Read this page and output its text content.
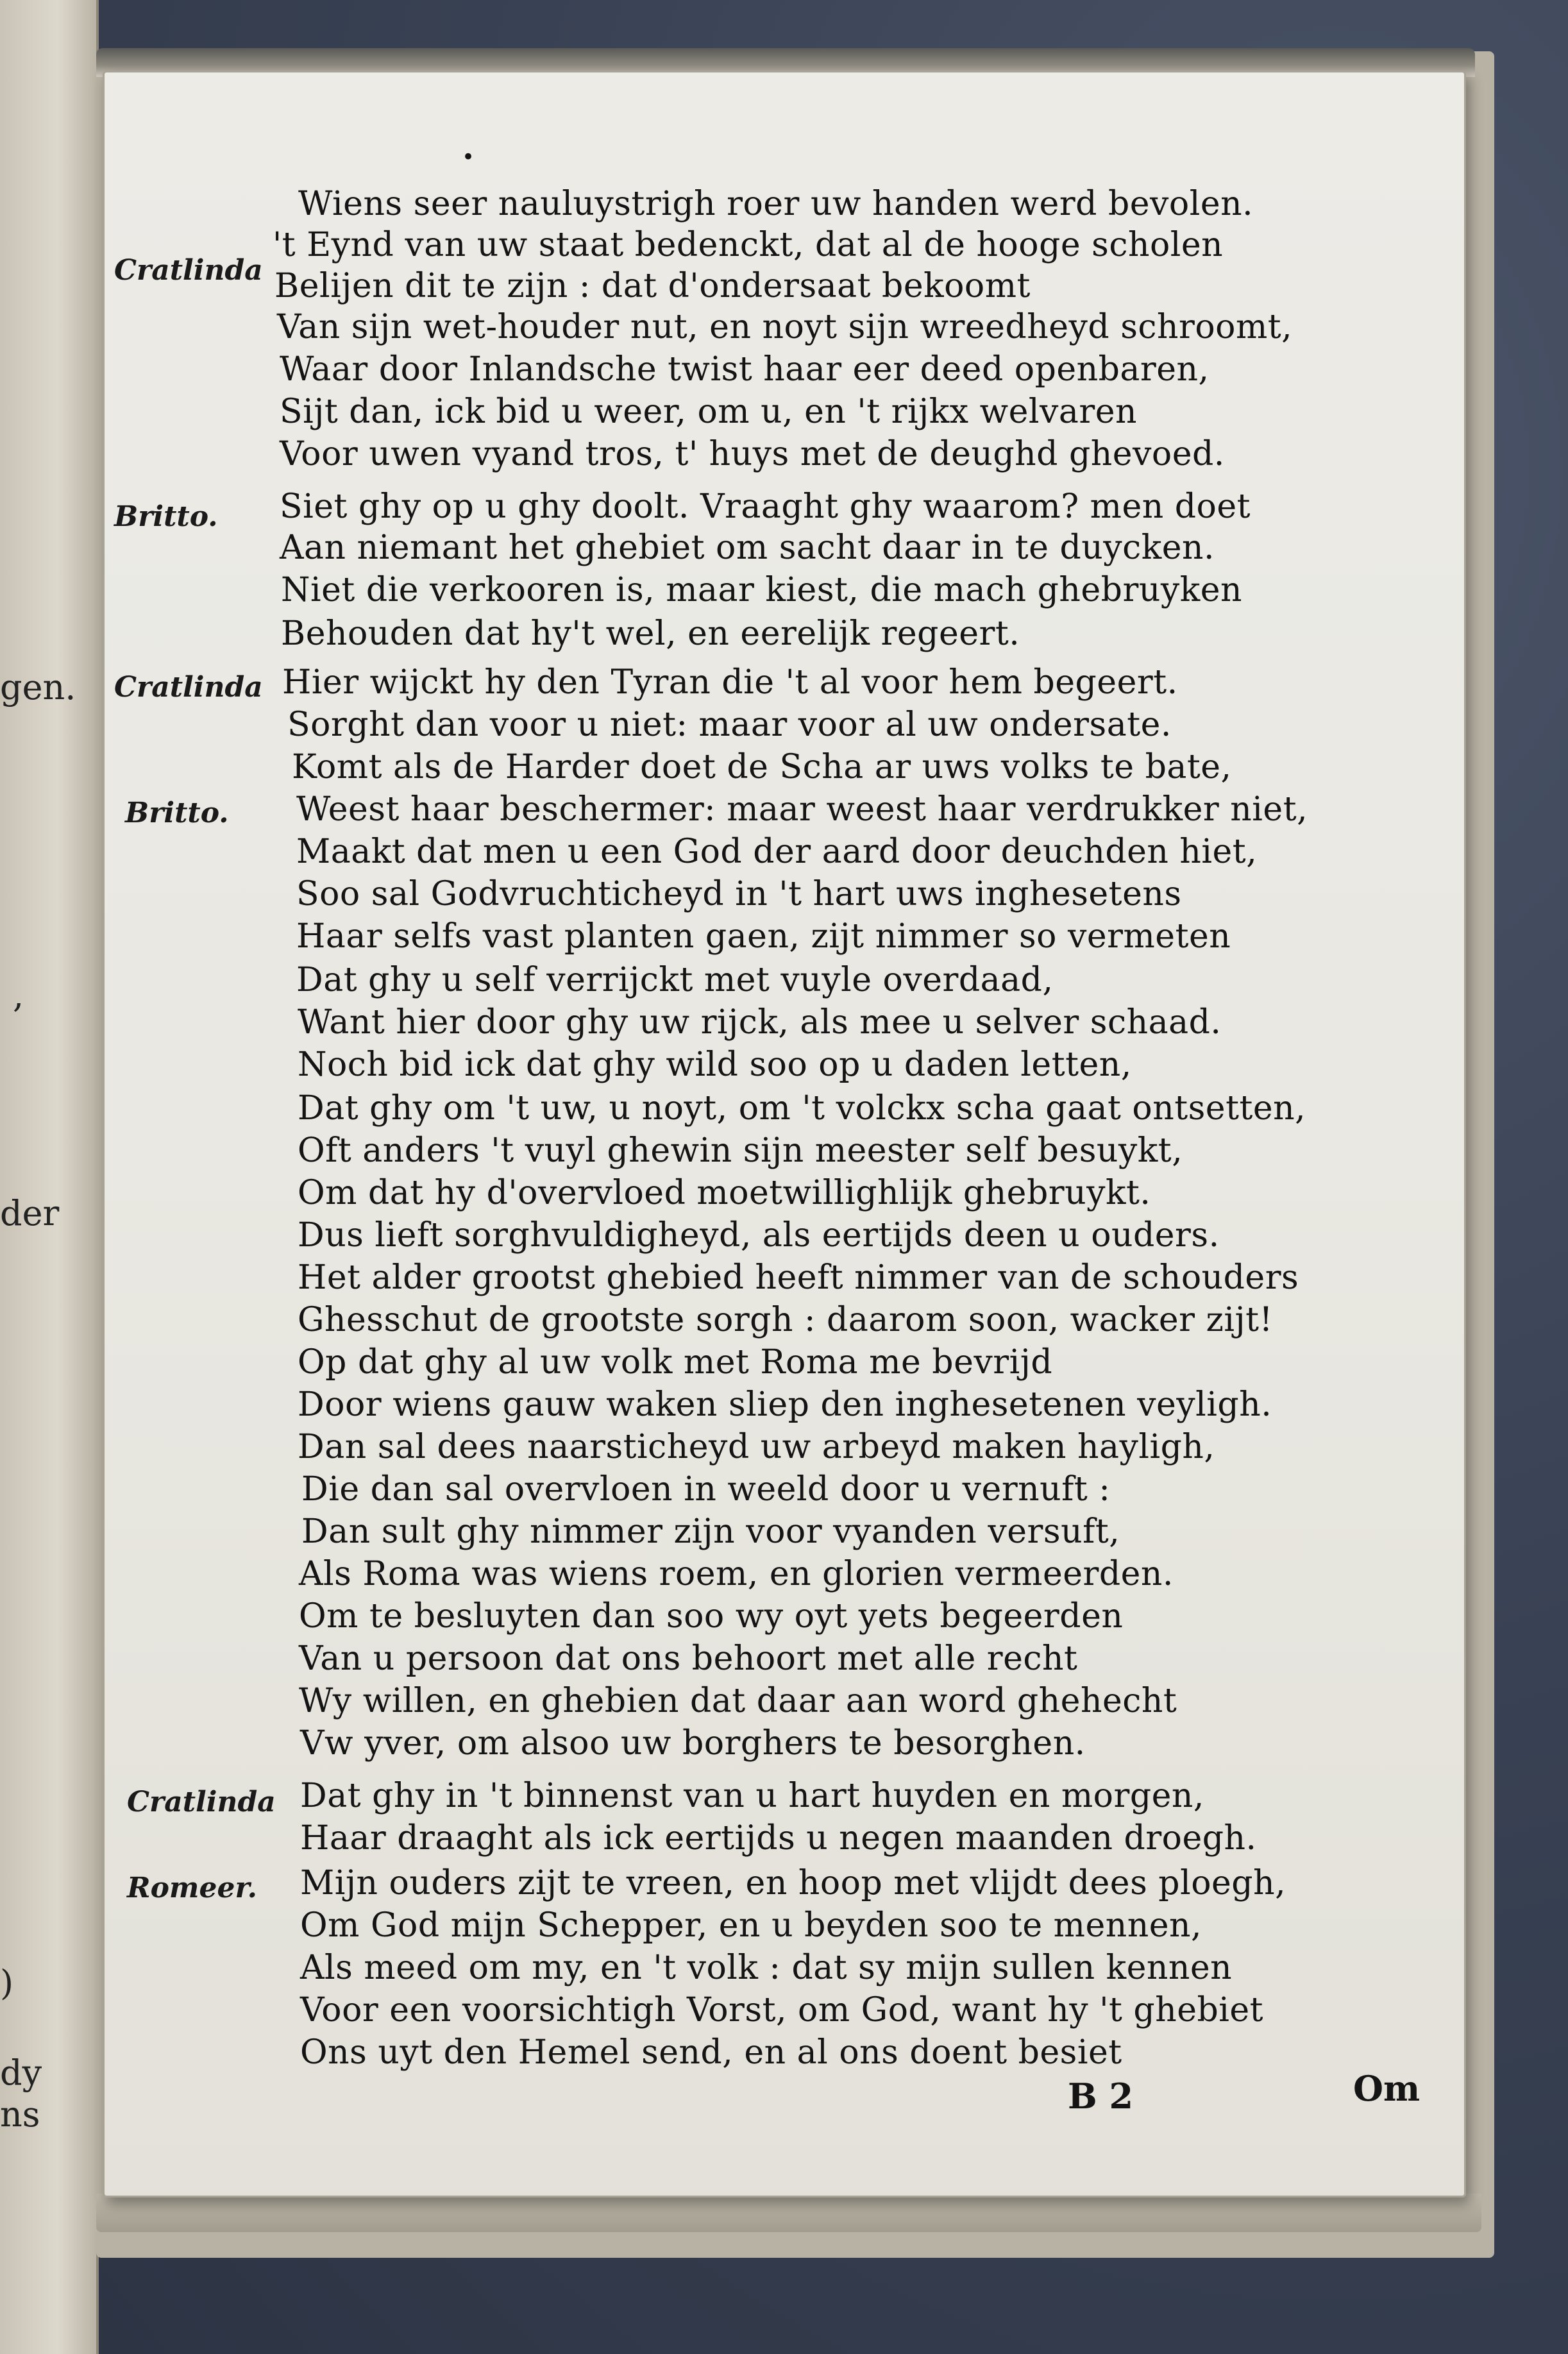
gen.
,
der
)
dy
ns
•
Cratlinda
Britto.
Cratlinda
Britto.
Cratlinda
Romeer.
Wiens seer nauluystrigh roer uw handen werd bevolen.
't Eynd van uw staat bedenckt, dat al de hooge scholen
Belijen dit te zijn : dat d'ondersaat bekoomt
Van sijn wet-houder nut, en noyt sijn wreedheyd schroomt,
Waar door Inlandsche twist haar eer deed openbaren,
Sijt dan, ick bid u weer, om u, en 't rijkx welvaren
Voor uwen vyand tros, t' huys met de deughd ghevoed.
Siet ghy op u ghy doolt. Vraaght ghy waarom? men doet
Aan niemant het ghebiet om sacht daar in te duycken.
Niet die verkooren is, maar kiest, die mach ghebruyken
Behouden dat hy't wel, en eerelijk regeert.
Hier wijckt hy den Tyran die 't al voor hem begeert.
Sorght dan voor u niet: maar voor al uw ondersate.
Komt als de Harder doet de Scha ar uws volks te bate,
Weest haar beschermer: maar weest haar verdrukker niet,
Maakt dat men u een God der aard door deuchden hiet,
Soo sal Godvruchticheyd in 't hart uws inghesetens
Haar selfs vast planten gaen, zijt nimmer so vermeten
Dat ghy u self verrijckt met vuyle overdaad,
Want hier door ghy uw rijck, als mee u selver schaad.
Noch bid ick dat ghy wild soo op u daden letten,
Dat ghy om 't uw, u noyt, om 't volckx scha gaat ontsetten,
Oft anders 't vuyl ghewin sijn meester self besuykt,
Om dat hy d'overvloed moetwillighlijk ghebruykt.
Dus lieft sorghvuldigheyd, als eertijds deen u ouders.
Het alder grootst ghebied heeft nimmer van de schouders
Ghesschut de grootste sorgh : daarom soon, wacker zijt!
Op dat ghy al uw volk met Roma me bevrijd
Door wiens gauw waken sliep den inghesetenen veyligh.
Dan sal dees naarsticheyd uw arbeyd maken hayligh,
Die dan sal overvloen in weeld door u vernuft :
Dan sult ghy nimmer zijn voor vyanden versuft,
Als Roma was wiens roem, en glorien vermeerden.
Om te besluyten dan soo wy oyt yets begeerden
Van u persoon dat ons behoort met alle recht
Wy willen, en ghebien dat daar aan word ghehecht
Vw yver, om alsoo uw borghers te besorghen.
Dat ghy in 't binnenst van u hart huyden en morgen,
Haar draaght als ick eertijds u negen maanden droegh.
Mijn ouders zijt te vreen, en hoop met vlijdt dees ploegh,
Om God mijn Schepper, en u beyden soo te mennen,
Als meed om my, en 't volk : dat sy mijn sullen kennen
Voor een voorsichtigh Vorst, om God, want hy 't ghebiet
Ons uyt den Hemel send, en al ons doent besiet
B 2	Om
